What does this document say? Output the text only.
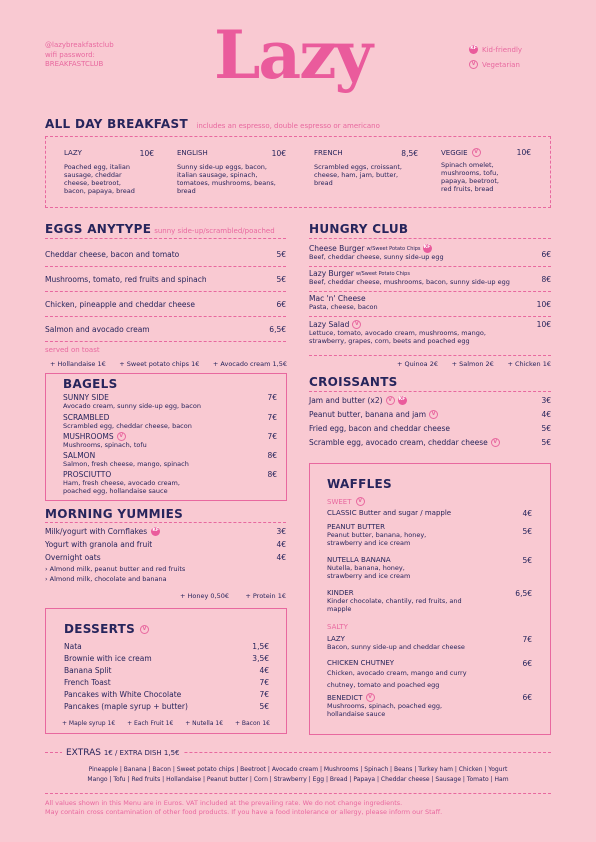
@lazybreakfastclub
wifi password:
BREAKFASTCLUB Lazy	KF Kid-friendly
V Vegetarian
ALL DAY BREAKFAST includes an espresso, double espresso or americano
LAZY	10€
Poached egg, italian sausage, cheddar cheese, beetroot, bacon, papaya, bread
ENGLISH	10€
Sunny side-up eggs, bacon, italian sausage, spinach, tomatoes, mushrooms, beans, bread
FRENCH	8,5€
Scrambled eggs, croissant, cheese, ham, jam, butter, bread
VEGGIE	V	10€
Spinach omelet, mushrooms, tofu, papaya, beetroot, red fruits, bread
EGGS ANYTYPE sunny side-up/scrambled/poached
Cheddar cheese, bacon and tomato	5€
Mushrooms, tomato, red fruits and spinach	5€
Chicken, pineapple and cheddar cheese	6€
Salmon and avocado cream	6,5€
served on toast
+ Hollandaise 1€ + Sweet potato chips 1€ + Avocado cream 1,5€
BAGELS
SUNNY SIDE
Avocado cream, sunny side-up egg, bacon
7€
SCRAMBLED
Scrambled egg, cheddar cheese, bacon
7€
MUSHROOMS	V
Mushrooms, spinach, tofu
7€
SALMON
Salmon, fresh cheese, mango, spinach
8€
PROSCIUTTO
Ham, fresh cheese, avocado cream, poached egg, hollandaise sauce
8€
MORNING YUMMIES
Milk/yogurt with Cornflakes KF	3€
Yogurt with granola and fruit	4€
Overnight oats	4€
› Almond milk, peanut butter and red fruits
› Almond milk, chocolate and banana
+ Honey 0,50€	+ Protein 1€
DESSERTS	V
Nata	1,5€
Brownie with ice cream	3,5€
Banana Split	4€
French Toast	7€
Pancakes with White Chocolate	7€
Pancakes (maple syrup + butter)	5€
+ Maple syrup 1€ + Each Fruit 1€ + Nutella 1€ + Bacon 1€
HUNGRY CLUB
Cheese Burger w/Sweet Potato Chips KF
Beef, cheddar cheese, sunny side-up egg	6€
Lazy Burger w/Sweet Potato Chips
Beef, cheddar cheese, mushrooms, bacon, sunny side-up egg	8€
Mac 'n' Cheese
Pasta, cheese, bacon	10€
Lazy Salad	V
Lettuce, tomato, avocado cream, mushrooms, mango, strawberry, grapes, corn, beets and poached egg
10€
+ Quinoa 2€ + Salmon 2€ + Chicken 1€
CROISSANTS
Jam and butter (x2)	V	KF	3€
Peanut butter, banana and jam	V	4€
Fried egg, bacon and cheddar cheese	5€
Scramble egg, avocado cream, cheddar cheese	V	5€
WAFFLES
SWEET	V
CLASSIC Butter and sugar / mapple	4€
PEANUT BUTTER
Peanut butter, banana, honey, strawberry and ice cream
5€
NUTELLA BANANA
Nutella, banana, honey, strawberry and ice cream
5€
KINDER
Kinder chocolate, chantily, red fruits, and mapple
6,5€
SALTY
LAZY
Bacon, sunny side-up and cheddar cheese
7€
CHICKEN CHUTNEY
Chicken, avocado cream, mango and curry chutney, tomato and poached egg
6€
BENEDICT	V
Mushrooms, spinach, poached egg, hollandaise sauce
6€
EXTRAS 1€ / EXTRA DISH 1,5€
Pineapple | Banana | Bacon | Sweet potato chips | Beetroot | Avocado cream | Mushrooms | Spinach | Beans | Turkey ham | Chicken | Yogurt
Mango | Tofu | Red fruits | Hollandaise | Peanut butter | Corn | Strawberry | Egg | Bread | Papaya | Cheddar cheese | Sausage | Tomato | Ham
All values shown in this Menu are in Euros. VAT included at the prevailing rate. We do not change ingredients.
May contain cross contamination of other food products. If you have a food intolerance or allergy, please inform our Staff.
